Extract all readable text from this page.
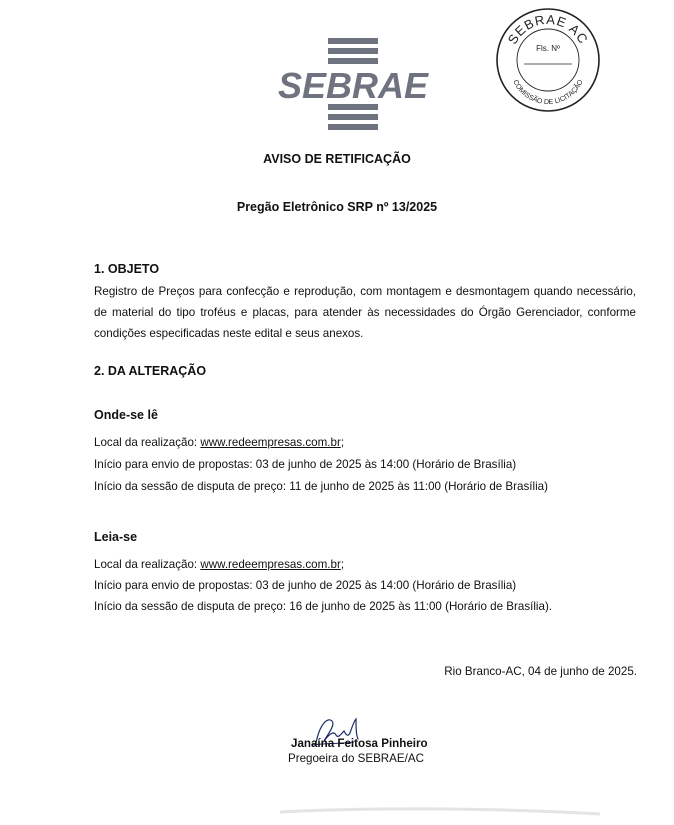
SEBRAE
SEBRAE AC
Fls. Nº
COMISSÃO DE LICITAÇÃO
AVISO DE RETIFICAÇÃO
Pregão Eletrônico SRP nº 13/2025
1. OBJETO
Registro de Preços para confecção e reprodução, com montagem e desmontagem quando necessário, de material do tipo troféus e placas, para atender às necessidades do Órgão Gerenciador, conforme condições especificadas neste edital e seus anexos.
2. DA ALTERAÇÃO
Onde-se lê
Local da realização: www.redeempresas.com.br;
Início para envio de propostas: 03 de junho de 2025 às 14:00 (Horário de Brasília)
Início da sessão de disputa de preço: 11 de junho de 2025 às 11:00 (Horário de Brasília)
Leia-se
Local da realização: www.redeempresas.com.br;
Início para envio de propostas: 03 de junho de 2025 às 14:00 (Horário de Brasília)
Início da sessão de disputa de preço: 16 de junho de 2025 às 11:00 (Horário de Brasília).
Rio Branco-AC, 04 de junho de 2025.
Janaína Feitosa Pinheiro
Pregoeira do SEBRAE/AC
